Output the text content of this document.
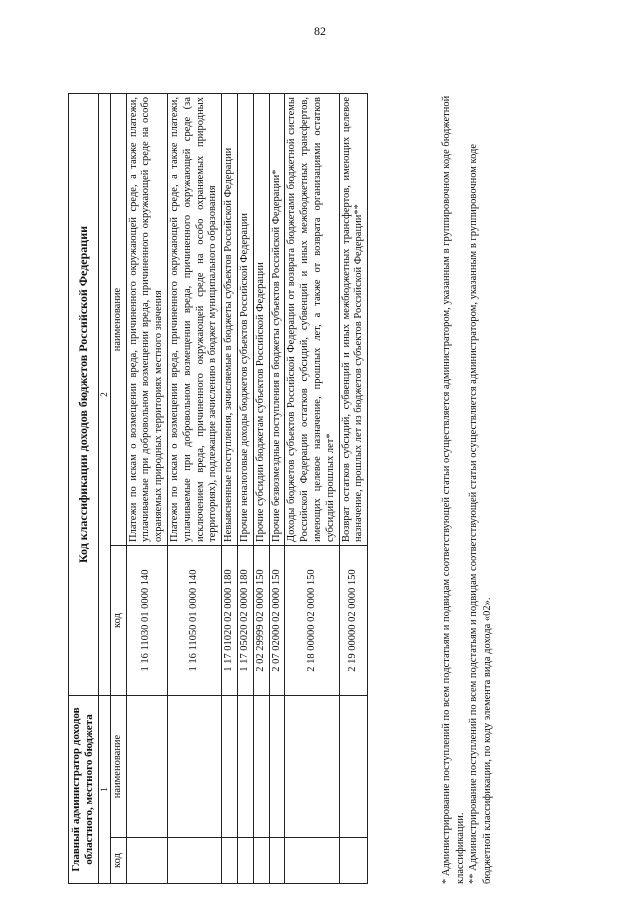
82
Главный администратор доходов областного, местного бюджета		Код классификации доходов бюджетов Российской Федерации	

1		2	
код	наименование	код	наименование
		1 16 11030 01 0000 140	Платежи по искам о возмещении вреда, причиненного окружающей среде, а также платежи, уплачиваемые при добровольном возмещении вреда, причиненного окружающей среде на особо охраняемых природных территориях местного значения
		1 16 11050 01 0000 140	Платежи по искам о возмещении вреда, причиненного окружающей среде, а также платежи, уплачиваемые при добровольном возмещении вреда, причиненного окружающей среде (за исключением вреда, причиненного окружающей среде на особо охраняемых природных территориях), подлежащие зачислению в бюджет муниципального образования
		1 17 01020 02 0000 180	Невыясненные поступления, зачисляемые в бюджеты субъектов Российской Федерации
		1 17 05020 02 0000 180	Прочие неналоговые доходы бюджетов субъектов Российской Федерации
		2 02 29999 02 0000 150	Прочие субсидии бюджетам субъектов Российской Федерации
		2 07 02000 02 0000 150	Прочие безвозмездные поступления в бюджеты субъектов Российской Федерации*
		2 18 00000 02 0000 150	Доходы бюджетов субъектов Российской Федерации от возврата бюджетами бюджетной системы Российской Федерации остатков субсидий, субвенций и иных межбюджетных трансфертов, имеющих целевое назначение, прошлых лет, а также от возврата организациями остатков субсидий прошлых лет*
		2 19 00000 02 0000 150	Возврат остатков субсидий, субвенций и иных межбюджетных трансфертов, имеющих целевое назначение, прошлых лет из бюджетов субъектов Российской Федерации**	* Администрирование поступлений по всем подстатьям и подвидам соответствующей статьи осуществляется администратором, указанным в группировочном коде бюджетной классификации. ** Администрирование поступлений по всем подстатьям и подвидам соответствующей статьи осуществляется администратором, указанным в группировочном коде бюджетной классификации, по коду элемента вида дохода «02».
